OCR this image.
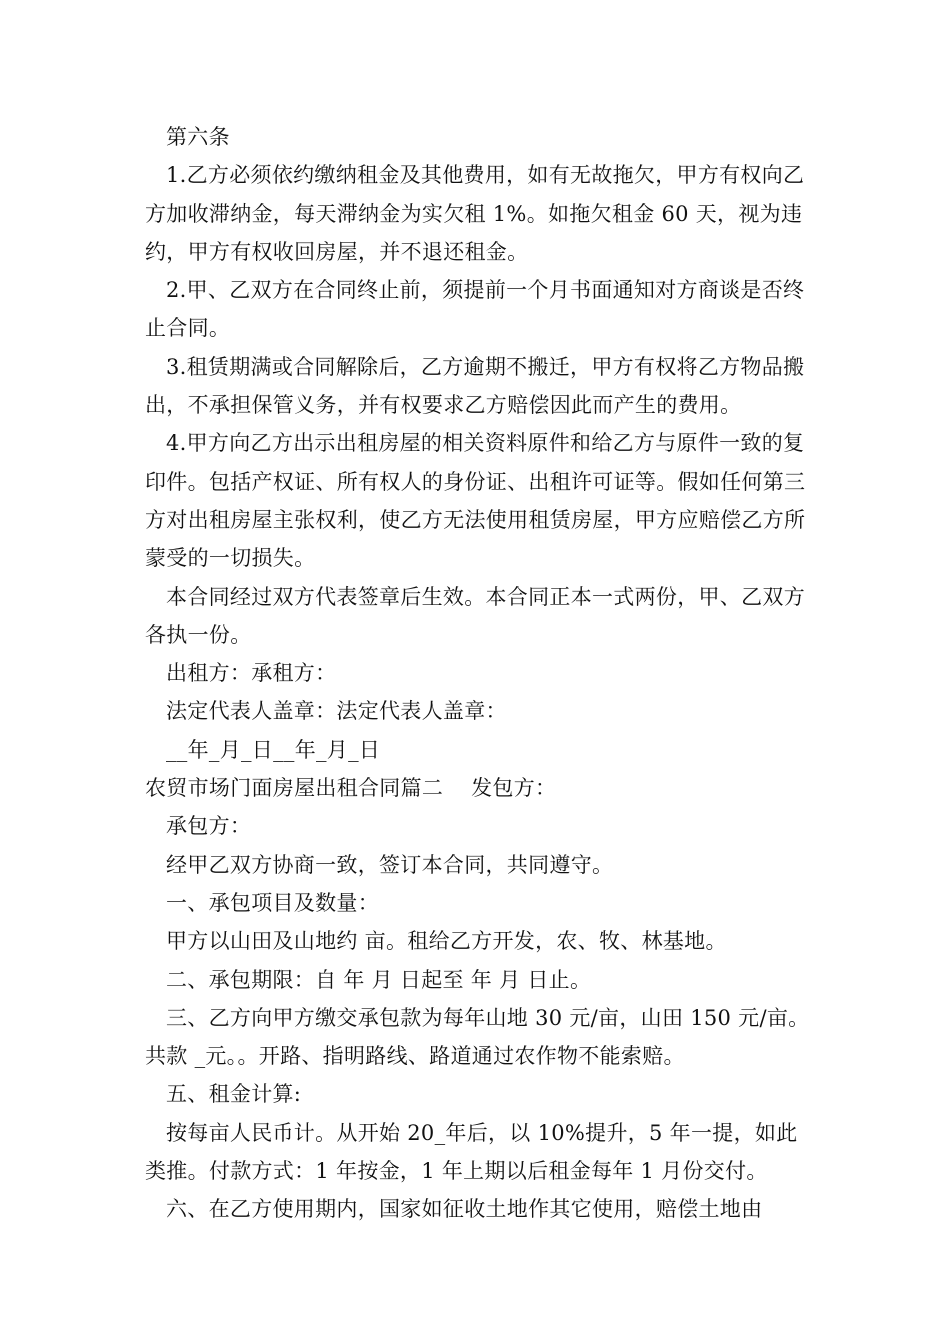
第六条

1.乙方必须依约缴纳租金及其他费用，如有无故拖欠，甲方有权向乙方加收滞纳金，每天滞纳金为实欠租 1%。如拖欠租金 60 天，视为违约，甲方有权收回房屋，并不退还租金。

2.甲、乙双方在合同终止前，须提前一个月书面通知对方商谈是否终止合同。

3.租赁期满或合同解除后，乙方逾期不搬迁，甲方有权将乙方物品搬出，不承担保管义务，并有权要求乙方赔偿因此而产生的费用。

4.甲方向乙方出示出租房屋的相关资料原件和给乙方与原件一致的复印件。包括产权证、所有权人的身份证、出租许可证等。假如任何第三方对出租房屋主张权利，使乙方无法使用租赁房屋，甲方应赔偿乙方所蒙受的一切损失。

本合同经过双方代表签章后生效。本合同正本一式两份，甲、乙双方各执一份。

出租方：承租方：

法定代表人盖章：法定代表人盖章：

__年_月_日__年_月_日

农贸市场门面房屋出租合同篇二    发包方：

承包方：

经甲乙双方协商一致，签订本合同，共同遵守。

一、承包项目及数量：

甲方以山田及山地约 亩。租给乙方开发，农、牧、林基地。

二、承包期限：自 年 月 日起至 年 月 日止。

三、乙方向甲方缴交承包款为每年山地 30 元/亩，山田 150 元/亩。共款 _元。。开路、指明路线、路道通过农作物不能索赔。

五、租金计算:

按每亩人民币计。从开始 20_年后，以 10%提升，5 年一提，如此类推。付款方式：1 年按金，1 年上期以后租金每年 1 月份交付。

六、在乙方使用期内，国家如征收土地作其它使用，赔偿土地由
